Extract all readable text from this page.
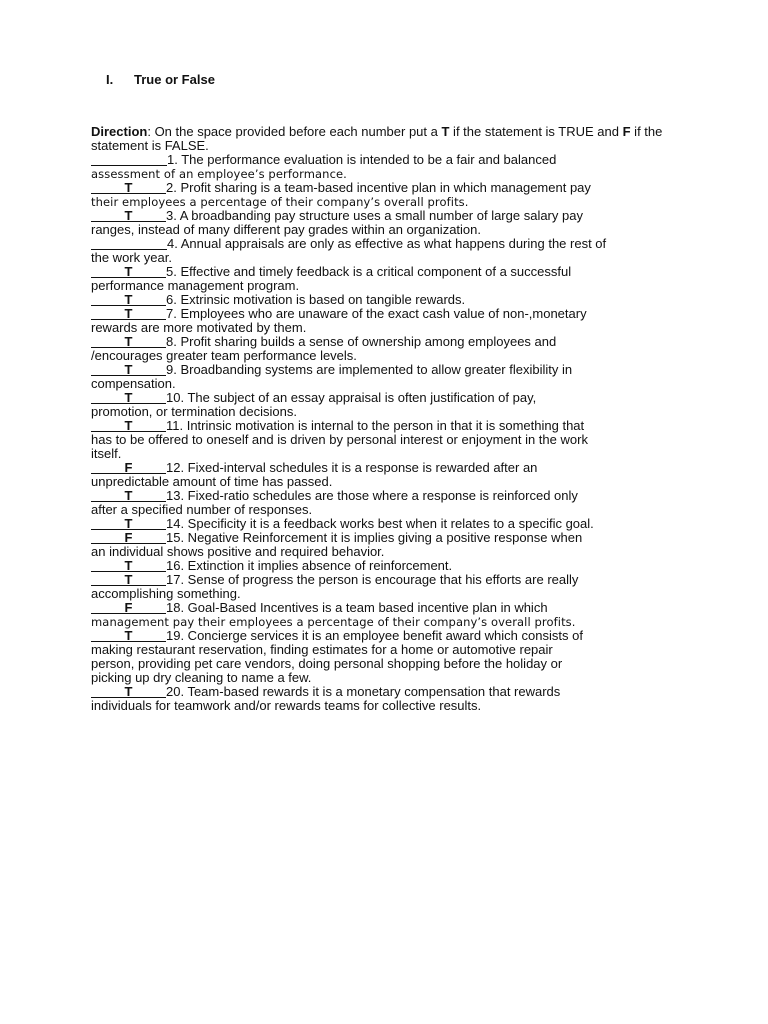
I. True or False

Direction: On the space provided before each number put a T if the statement is TRUE and F if the statement is FALSE.

1. The performance evaluation is intended to be a fair and balanced
assessment of an employee’s performance.

T	2. Profit sharing is a team-based incentive plan in which management pay
their employees a percentage of their company’s overall profits.

T	3. A broadbanding pay structure uses a small number of large salary pay
ranges, instead of many different pay grades within an organization.

4. Annual appraisals are only as effective as what happens during the rest of
the work year.

T	5. Effective and timely feedback is a critical component of a successful
performance management program.

T	6. Extrinsic motivation is based on tangible rewards.

T	7. Employees who are unaware of the exact cash value of non-,monetary
rewards are more motivated by them.

T	8. Profit sharing builds a sense of ownership among employees and
/encourages greater team performance levels.

T	9. Broadbanding systems are implemented to allow greater flexibility in
compensation.

T	10. The subject of an essay appraisal is often justification of pay,
promotion, or termination decisions.

T	11. Intrinsic motivation is internal to the person in that it is something that
has to be offered to oneself and is driven by personal interest or enjoyment in the work
itself.

F	12. Fixed-interval schedules it is a response is rewarded after an
unpredictable amount of time has passed.

T	13. Fixed-ratio schedules are those where a response is reinforced only
after a specified number of responses.

T	14. Specificity it is a feedback works best when it relates to a specific goal.

F	15. Negative Reinforcement it is implies giving a positive response when
an individual shows positive and required behavior.

T	16. Extinction it implies absence of reinforcement.

T	17. Sense of progress the person is encourage that his efforts are really
accomplishing something.

F	18. Goal-Based Incentives is a team based incentive plan in which
management pay their employees a percentage of their company’s overall profits.

T	19. Concierge services it is an employee benefit award which consists of
making restaurant reservation, finding estimates for a home or automotive repair
person, providing pet care vendors, doing personal shopping before the holiday or
picking up dry cleaning to name a few.

T	20. Team-based rewards it is a monetary compensation that rewards
individuals for teamwork and/or rewards teams for collective results.
